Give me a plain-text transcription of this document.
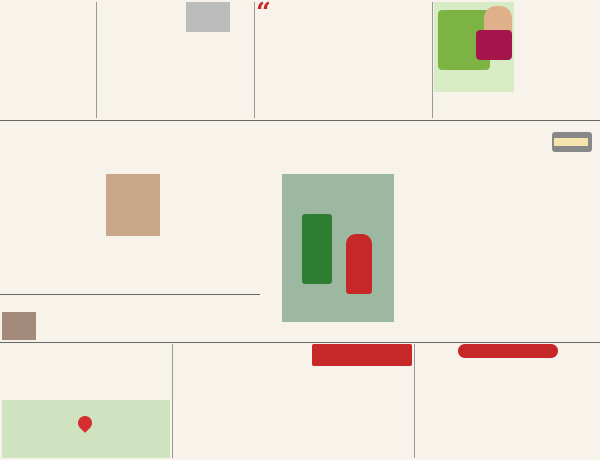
“
